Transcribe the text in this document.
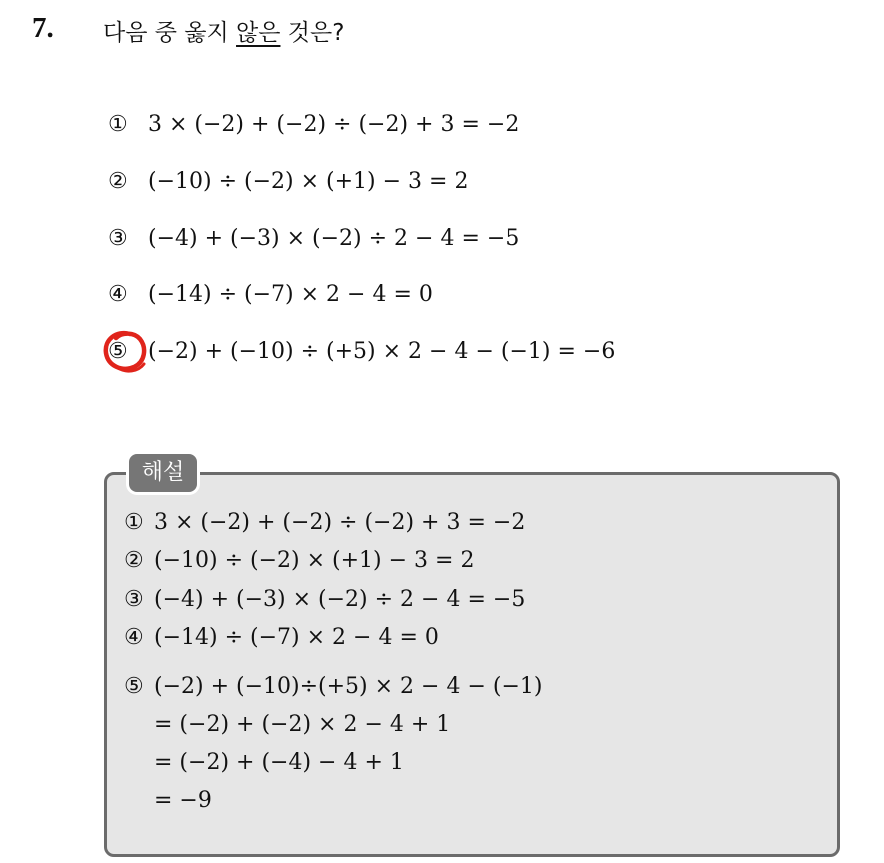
7. 다음 중 옳지 않은 것은?
① 3 × (−2) + (−2) ÷ (−2) + 3 = −2
② (−10) ÷ (−2) × (+1) − 3 = 2
③ (−4) + (−3) × (−2) ÷ 2 − 4 = −5
④ (−14) ÷ (−7) × 2 − 4 = 0
⑤ (−2) + (−10) ÷ (+5) × 2 − 4 − (−1) = −6
해설
① 3 × (−2) + (−2) ÷ (−2) + 3 = −2
② (−10) ÷ (−2) × (+1) − 3 = 2
③ (−4) + (−3) × (−2) ÷ 2 − 4 = −5
④ (−14) ÷ (−7) × 2 − 4 = 0
⑤ (−2) + (−10)÷(+5) × 2 − 4 − (−1)
= (−2) + (−2) × 2 − 4 + 1
= (−2) + (−4) − 4 + 1
= −9
